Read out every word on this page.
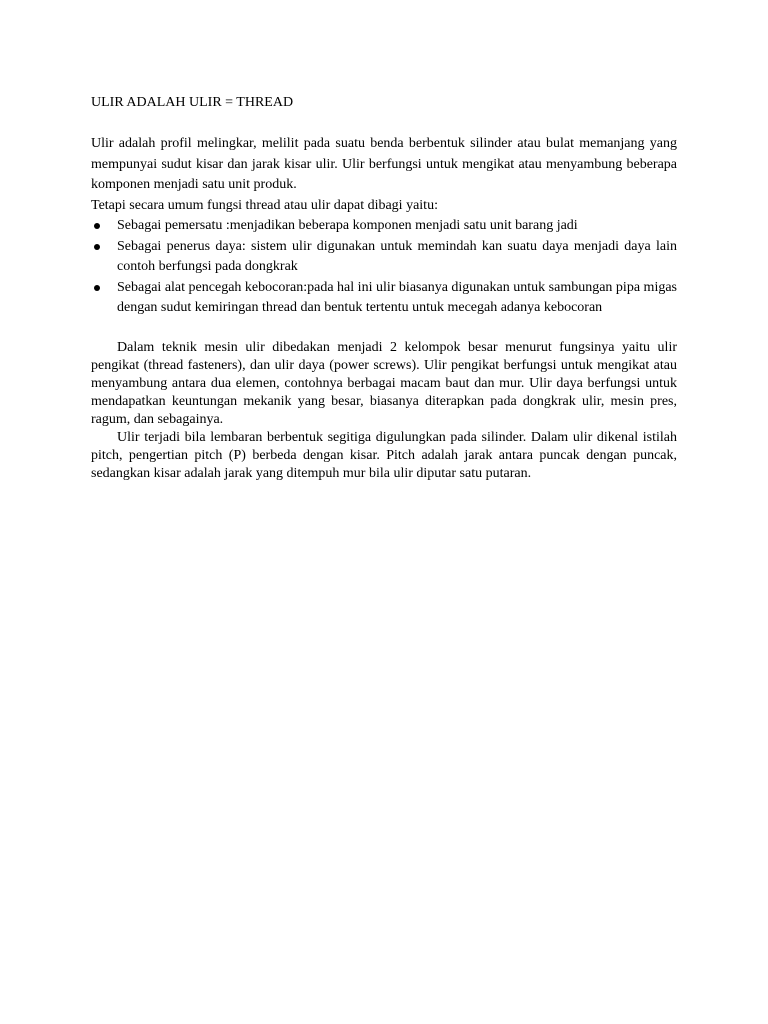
ULIR ADALAH ULIR = THREAD

Ulir adalah profil melingkar, melilit pada suatu benda berbentuk silinder atau bulat memanjang yang mempunyai sudut kisar dan jarak kisar ulir. Ulir berfungsi untuk mengikat atau menyambung beberapa komponen menjadi satu unit produk.

Tetapi secara umum fungsi thread atau ulir dapat dibagi yaitu:

Sebagai pemersatu :menjadikan beberapa komponen menjadi satu unit barang jadi
Sebagai penerus daya: sistem ulir digunakan untuk memindah kan suatu daya menjadi daya lain contoh berfungsi pada dongkrak
Sebagai alat pencegah kebocoran:pada hal ini ulir biasanya digunakan untuk sambungan pipa migas dengan sudut kemiringan thread dan bentuk tertentu untuk mecegah adanya kebocoran

Dalam teknik mesin ulir dibedakan menjadi 2 kelompok besar menurut fungsinya yaitu ulir pengikat (thread fasteners), dan ulir daya (power screws). Ulir pengikat berfungsi untuk mengikat atau menyambung antara dua elemen, contohnya berbagai macam baut dan mur. Ulir daya berfungsi untuk mendapatkan keuntungan mekanik yang besar, biasanya diterapkan pada dongkrak ulir, mesin pres, ragum, dan sebagainya.

Ulir terjadi bila lembaran berbentuk segitiga digulungkan pada silinder. Dalam ulir dikenal istilah pitch, pengertian pitch (P) berbeda dengan kisar. Pitch adalah jarak antara puncak dengan puncak, sedangkan kisar adalah jarak yang ditempuh mur bila ulir diputar satu putaran.
